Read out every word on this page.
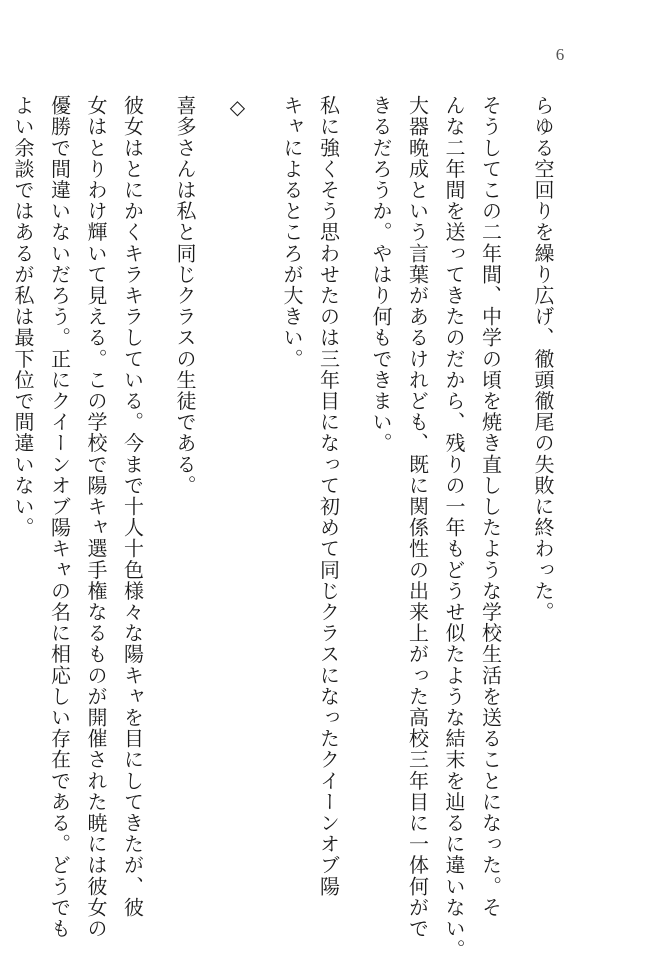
6
らゆる空回りを繰り広げ、徹頭徹尾の失敗に終わった。
そうしてこの二年間、中学の頃を焼き直ししたような学校生活を送ることになった。そ
んな二年間を送ってきたのだから、残りの一年もどうせ似たような結末を辿るに違いない。
大器晩成という言葉があるけれども、既に関係性の出来上がった高校三年目に一体何がで
きるだろうか。やはり何もできまい。
私に強くそう思わせたのは三年目になって初めて同じクラスになったクイーンオブ陽
キャによるところが大きい。
◇
喜多さんは私と同じクラスの生徒である。
彼女はとにかくキラキラしている。今まで十人十色様々な陽キャを目にしてきたが、彼
女はとりわけ輝いて見える。この学校で陽キャ選手権なるものが開催された暁には彼女の
優勝で間違いないだろう。正にクイーンオブ陽キャの名に相応しい存在である。どうでも
よい余談ではあるが私は最下位で間違いない。
